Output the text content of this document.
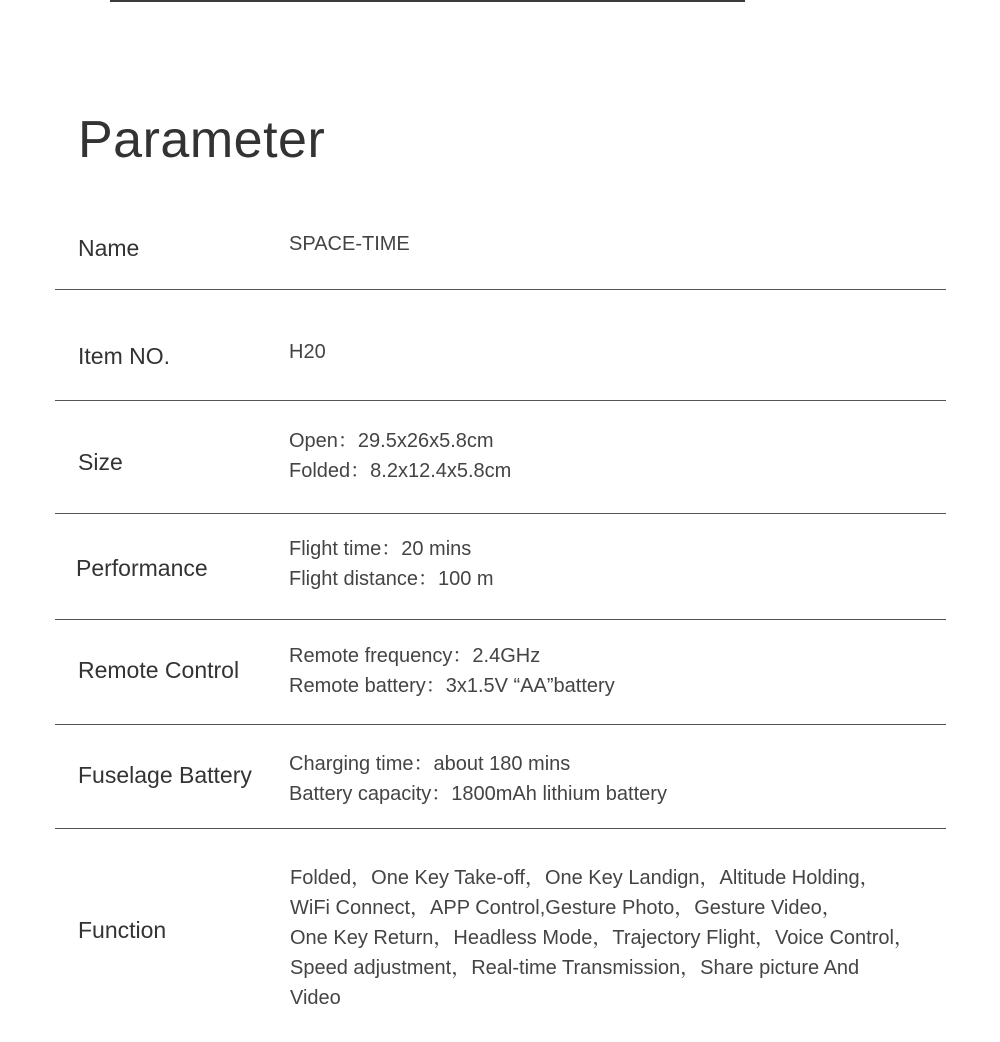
Parameter
Name	SPACE-TIME
Item NO.	H20
Size
Open：29.5x26x5.8cm
Folded：8.2x12.4x5.8cm
Performance
Flight time：20 mins
Flight distance：100 m
Remote Control
Remote frequency：2.4GHz
Remote battery：3x1.5V “AA”battery
Fuselage Battery Charging time：about 180 mins
Battery capacity：1800mAh lithium battery
Function
Folded，One Key Take-off，One Key Landign，Altitude Holding，
WiFi Connect，APP Control,Gesture Photo，Gesture Video，
One Key Return，Headless Mode，Trajectory Flight，Voice Control，
Speed adjustment，Real-time Transmission，Share picture And
Video
